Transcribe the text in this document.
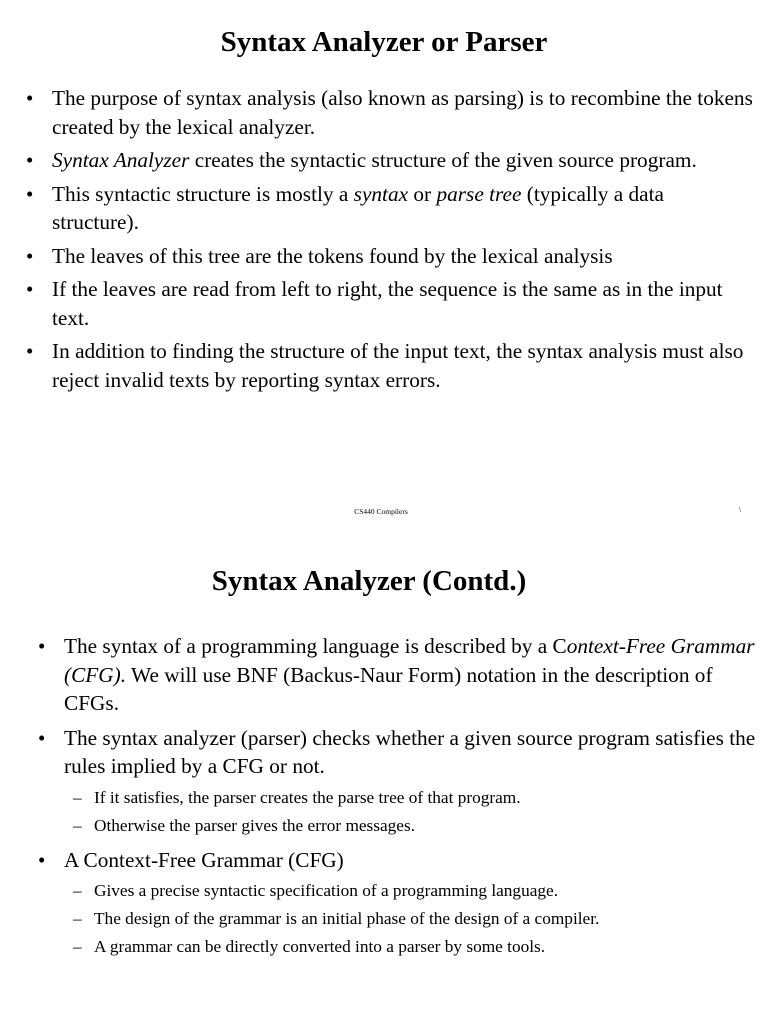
Syntax Analyzer or Parser
• The purpose of syntax analysis (also known as parsing) is to recombine the tokens created by the lexical analyzer.
• Syntax Analyzer creates the syntactic structure of the given source program.
• This syntactic structure is mostly a syntax or parse tree (typically a data structure).
• The leaves of this tree are the tokens found by the lexical analysis
• If the leaves are read from left to right, the sequence is the same as in the input text.
• In addition to finding the structure of the input text, the syntax analysis must also reject invalid texts by reporting syntax errors.
CS440 Compilers	\
Syntax Analyzer (Contd.)
• The syntax of a programming language is described by a Context-Free Grammar (CFG). We will use BNF (Backus-Naur Form) notation in the description of CFGs.
• The syntax analyzer (parser) checks whether a given source program satisfies the rules implied by a CFG or not.
– If it satisfies, the parser creates the parse tree of that program.
– Otherwise the parser gives the error messages.
• A Context-Free Grammar (CFG)
– Gives a precise syntactic specification of a programming language.
– The design of the grammar is an initial phase of the design of a compiler.
– A grammar can be directly converted into a parser by some tools.
